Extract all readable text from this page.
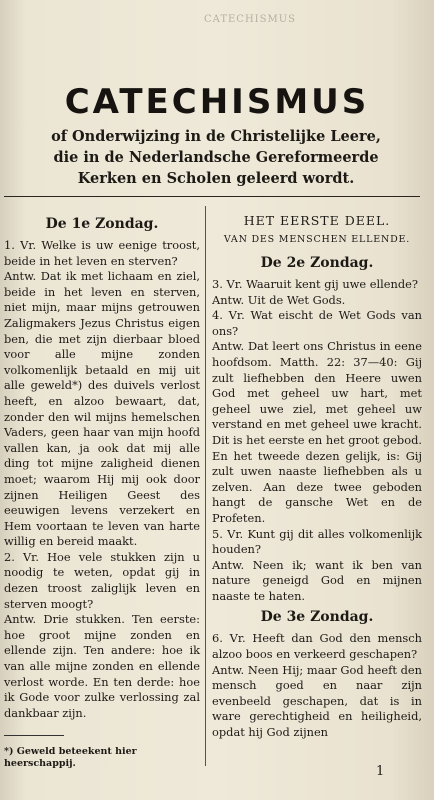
CATECHISMUS
CATECHISMUS
of Onderwijzing in de Christelijke Leere,
die in de Nederlandsche Gereformeerde
Kerken en Scholen geleerd wordt.
De 1e Zondag.

1. Vr. Welke is uw eenige troost, beide in het leven en sterven?

Antw. Dat ik met lichaam en ziel, beide in het leven en sterven, niet mijn, maar mijns getrouwen Zaligmakers Jezus Christus eigen ben, die met zijn dierbaar bloed voor alle mijne zonden volkomenlijk betaald en mij uit alle geweld*) des duivels verlost heeft, en alzoo bewaart, dat, zonder den wil mijns hemelschen Vaders, geen haar van mijn hoofd vallen kan, ja ook dat mij alle ding tot mijne zaligheid dienen moet; waarom Hij mij ook door zijnen Heiligen Geest des eeuwigen levens verzekert en Hem voortaan te leven van harte willig en bereid maakt.

2. Vr. Hoe vele stukken zijn u noodig te weten, opdat gij in dezen troost zaliglijk leven en sterven moogt?

Antw. Drie stukken. Ten eerste: hoe groot mijne zonden en ellende zijn. Ten andere: hoe ik van alle mijne zonden en ellende verlost worde. En ten derde: hoe ik Gode voor zulke verlossing zal dankbaar zijn.

*) Geweld beteekent hier heerschappij.
HET EERSTE DEEL.
VAN DES MENSCHEN ELLENDE.
De 2e Zondag.

3. Vr. Waaruit kent gij uwe ellende?

Antw. Uit de Wet Gods.

4. Vr. Wat eischt de Wet Gods van ons?

Antw. Dat leert ons Christus in eene hoofdsom. Matth. 22: 37—40: Gij zult liefhebben den Heere uwen God met geheel uw hart, met geheel uwe ziel, met geheel uw verstand en met geheel uwe kracht. Dit is het eerste en het groot gebod. En het tweede dezen gelijk, is: Gij zult uwen naaste liefhebben als u zelven. Aan deze twee geboden hangt de gansche Wet en de Profeten.

5. Vr. Kunt gij dit alles volkomenlijk houden?

Antw. Neen ik; want ik ben van nature geneigd God en mijnen naaste te haten.

De 3e Zondag.

6. Vr. Heeft dan God den mensch alzoo boos en verkeerd geschapen?

Antw. Neen Hij; maar God heeft den mensch goed en naar zijn evenbeeld geschapen, dat is in ware gerechtigheid en heiligheid, opdat hij God zijnen

1
